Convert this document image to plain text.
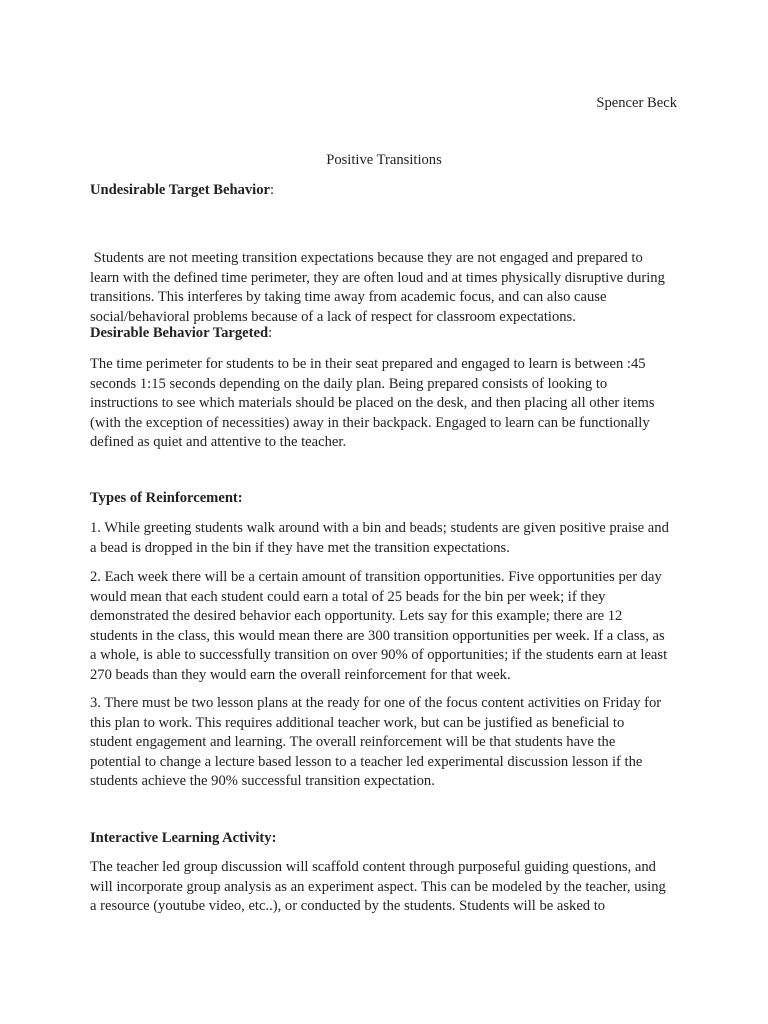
Spencer Beck
Positive Transitions

Undesirable Target Behavior:

Students are not meeting transition expectations because they are not engaged and prepared to learn with the defined time perimeter, they are often loud and at times physically disruptive during transitions. This interferes by taking time away from academic focus, and can also cause social/behavioral problems because of a lack of respect for classroom expectations.

Desirable Behavior Targeted:

The time perimeter for students to be in their seat prepared and engaged to learn is between :45 seconds 1:15 seconds depending on the daily plan. Being prepared consists of looking to instructions to see which materials should be placed on the desk, and then placing all other items (with the exception of necessities) away in their backpack. Engaged to learn can be functionally defined as quiet and attentive to the teacher.

Types of Reinforcement:

1. While greeting students walk around with a bin and beads; students are given positive praise and a bead is dropped in the bin if they have met the transition expectations.

2. Each week there will be a certain amount of transition opportunities. Five opportunities per day would mean that each student could earn a total of 25 beads for the bin per week; if they demonstrated the desired behavior each opportunity. Lets say for this example; there are 12 students in the class, this would mean there are 300 transition opportunities per week. If a class, as a whole, is able to successfully transition on over 90% of opportunities; if the students earn at least 270 beads than they would earn the overall reinforcement for that week.

3. There must be two lesson plans at the ready for one of the focus content activities on Friday for this plan to work. This requires additional teacher work, but can be justified as beneficial to student engagement and learning. The overall reinforcement will be that students have the potential to change a lecture based lesson to a teacher led experimental discussion lesson if the students achieve the 90% successful transition expectation.

Interactive Learning Activity:

The teacher led group discussion will scaffold content through purposeful guiding questions, and will incorporate group analysis as an experiment aspect. This can be modeled by the teacher, using a resource (youtube video, etc..), or conducted by the students. Students will be asked to
